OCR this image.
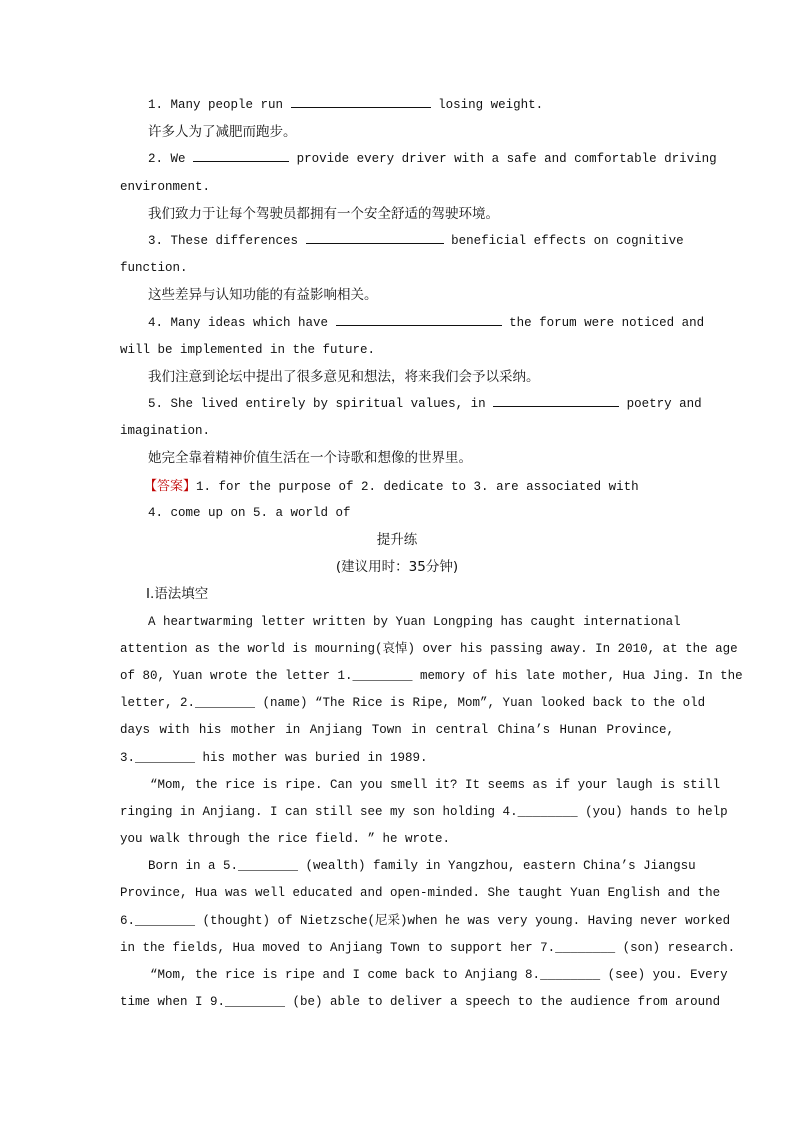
1. Many people run	losing weight.
许多人为了减肥而跑步。
2. We	provide every driver with a safe and comfortable driving
environment.
我们致力于让每个驾驶员都拥有一个安全舒适的驾驶环境。
3. These differences	beneficial effects on cognitive
function.
这些差异与认知功能的有益影响相关。
4. Many ideas which have	the forum were noticed and
will be implemented in the future.
我们注意到论坛中提出了很多意见和想法，将来我们会予以采纳。
5. She lived entirely by spiritual values, in	poetry and
imagination.
她完全靠着精神价值生活在一个诗歌和想像的世界里。
【答案】1. for the purpose of 2. dedicate to 3. are associated with
4. come up on 5. a world of
提升练
(建议用时：35分钟)
Ⅰ.语法填空
A heartwarming letter written by Yuan Longping has caught international
attention as the world is mourning(哀悼) over his passing away. In 2010, at the age
of 80, Yuan wrote the letter 1.________ memory of his late mother, Hua Jing. In the
letter, 2.________ (name) “The Rice is Ripe, Mom”, Yuan looked back to the old
days with his mother in Anjiang Town in central China’s Hunan Province,
3.________ his mother was buried in 1989.
“Mom, the rice is ripe. Can you smell it? It seems as if your laugh is still
ringing in Anjiang. I can still see my son holding 4.________ (you) hands to help
you walk through the rice field. ” he wrote.
Born in a 5.________ (wealth) family in Yangzhou, eastern China’s Jiangsu
Province, Hua was well educated and open-minded. She taught Yuan English and the
6.________ (thought) of Nietzsche(尼采)when he was very young. Having never worked
in the fields, Hua moved to Anjiang Town to support her 7.________ (son) research.
“Mom, the rice is ripe and I come back to Anjiang 8.________ (see) you. Every
time when I 9.________ (be) able to deliver a speech to the audience from around
